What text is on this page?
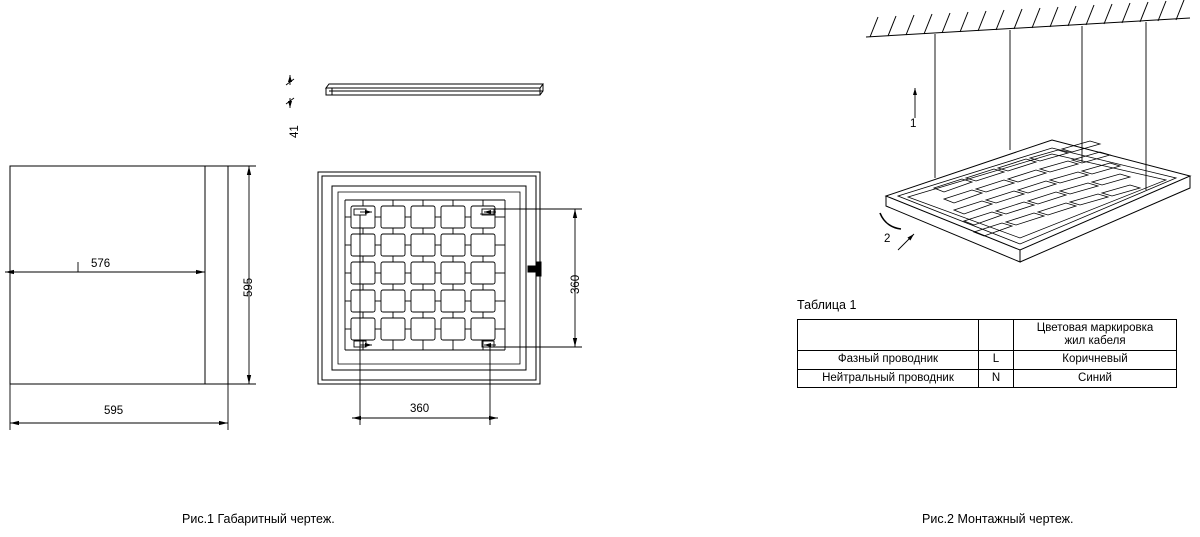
41
576
595
595
360
360
1
2
Таблица 1

		Цветовая маркировка
жил кабеля

Фазный проводник	L	Коричневый
Нейтральный проводник	N	Синий
Рис.1 Габаритный чертеж.	Рис.2 Монтажный чертеж.
